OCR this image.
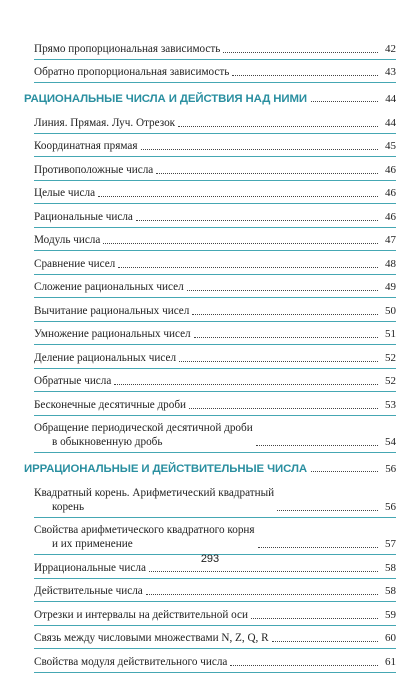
Прямо пропорциональная зависимость	42
Обратно пропорциональная зависимость	43
РАЦИОНАЛЬНЫЕ ЧИСЛА И ДЕЙСТВИЯ НАД НИМИ	44
Линия. Прямая. Луч. Отрезок	44
Координатная прямая	45
Противоположные числа	46
Целые числа	46
Рациональные числа	46
Модуль числа	47
Сравнение чисел	48
Сложение рациональных чисел	49
Вычитание рациональных чисел	50
Умножение рациональных чисел	51
Деление рациональных чисел	52
Обратные числа	52
Бесконечные десятичные дроби	53
Обращение периодической десятичной дроби
в обыкновенную дробь	54
ИРРАЦИОНАЛЬНЫЕ И ДЕЙСТВИТЕЛЬНЫЕ ЧИСЛА	56
Квадратный корень. Арифметический квадратный
корень	56
Свойства арифметического квадратного корня
и их применение	57
Иррациональные числа	58
Действительные числа	58
Отрезки и интервалы на действительной оси	59
Связь между числовыми множествами N, Z, Q, R	60
Свойства модуля действительного числа	61
293
